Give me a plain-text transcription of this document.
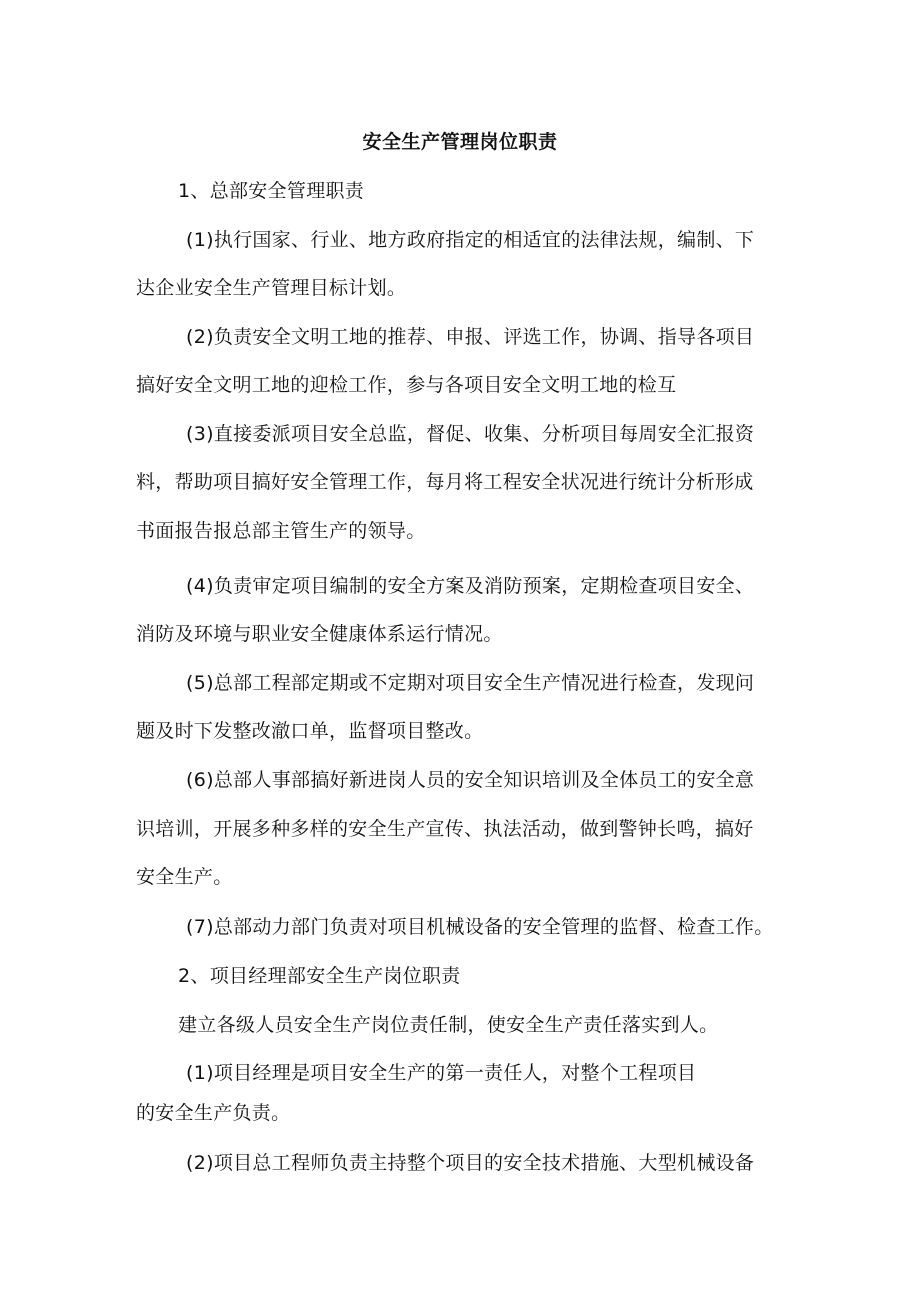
安全生产管理岗位职责
1、总部安全管理职责
(1)执行国家、行业、地方政府指定的相适宜的法律法规，编制、下
达企业安全生产管理目标计划。
(2)负责安全文明工地的推荐、申报、评选工作，协调、指导各项目
搞好安全文明工地的迎检工作，参与各项目安全文明工地的检互
(3)直接委派项目安全总监，督促、收集、分析项目每周安全汇报资
料，帮助项目搞好安全管理工作，每月将工程安全状况进行统计分析形成
书面报告报总部主管生产的领导。
(4)负责审定项目编制的安全方案及消防预案，定期检查项目安全、
消防及环境与职业安全健康体系运行情况。
(5)总部工程部定期或不定期对项目安全生产情况进行检查，发现问
题及时下发整改澈口单，监督项目整改。
(6)总部人事部搞好新进岗人员的安全知识培训及全体员工的安全意
识培训，开展多种多样的安全生产宣传、执法活动，做到警钟长鸣，搞好
安全生产。
(7)总部动力部门负责对项目机械设备的安全管理的监督、检查工作。
2、项目经理部安全生产岗位职责
建立各级人员安全生产岗位责任制，使安全生产责任落实到人。
(1)项目经理是项目安全生产的第一责任人，对整个工程项目
的安全生产负责。
(2)项目总工程师负责主持整个项目的安全技术措施、大型机械设备
